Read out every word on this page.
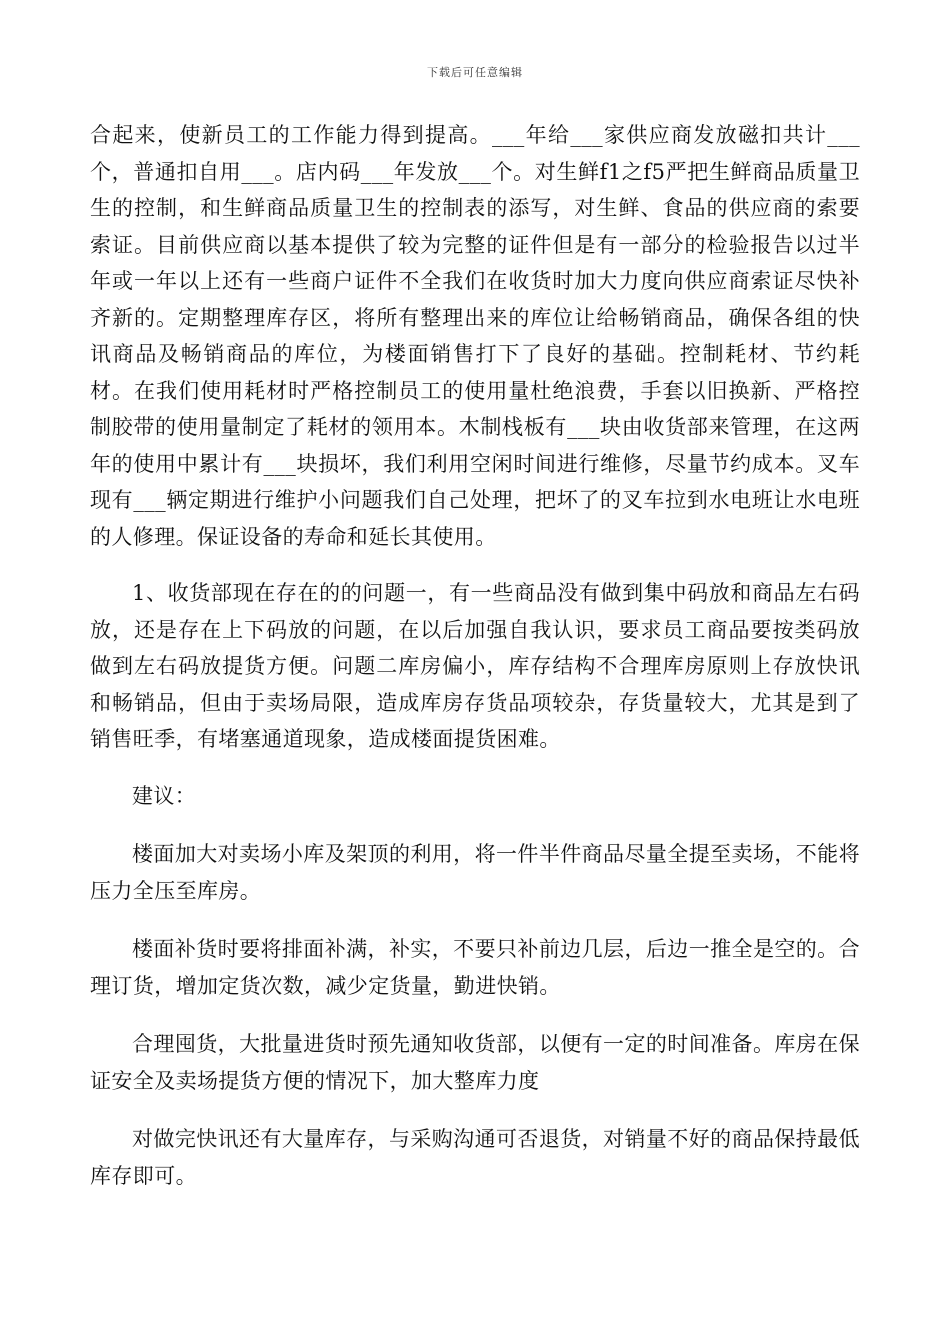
下载后可任意编辑

合起来，使新员工的工作能力得到提高。___年给___家供应商发放磁扣共计___个，普通扣自用___。店内码___年发放___个。对生鲜f1之f5严把生鲜商品质量卫生的控制，和生鲜商品质量卫生的控制表的添写，对生鲜、食品的供应商的索要索证。目前供应商以基本提供了较为完整的证件但是有一部分的检验报告以过半年或一年以上还有一些商户证件不全我们在收货时加大力度向供应商索证尽快补齐新的。定期整理库存区，将所有整理出来的库位让给畅销商品，确保各组的快讯商品及畅销商品的库位，为楼面销售打下了良好的基础。控制耗材、节约耗材。在我们使用耗材时严格控制员工的使用量杜绝浪费，手套以旧换新、严格控制胶带的使用量制定了耗材的领用本。木制栈板有___块由收货部来管理，在这两年的使用中累计有___块损坏，我们利用空闲时间进行维修，尽量节约成本。叉车现有___辆定期进行维护小问题我们自己处理，把坏了的叉车拉到水电班让水电班的人修理。保证设备的寿命和延长其使用。

1、收货部现在存在的的问题一，有一些商品没有做到集中码放和商品左右码放，还是存在上下码放的问题，在以后加强自我认识，要求员工商品要按类码放做到左右码放提货方便。问题二库房偏小，库存结构不合理库房原则上存放快讯和畅销品，但由于卖场局限，造成库房存货品项较杂，存货量较大，尤其是到了销售旺季，有堵塞通道现象，造成楼面提货困难。

建议：

楼面加大对卖场小库及架顶的利用，将一件半件商品尽量全提至卖场，不能将压力全压至库房。

楼面补货时要将排面补满，补实，不要只补前边几层，后边一推全是空的。合理订货，增加定货次数，减少定货量，勤进快销。

合理囤货，大批量进货时预先通知收货部，以便有一定的时间准备。库房在保证安全及卖场提货方便的情况下，加大整库力度

对做完快讯还有大量库存，与采购沟通可否退货，对销量不好的商品保持最低库存即可。
